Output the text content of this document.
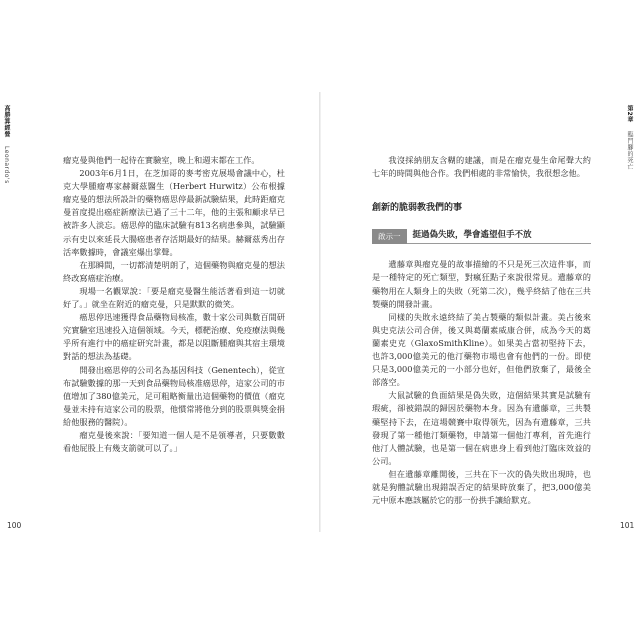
高勝算經營 Leonardo's	瘤克曼與他們一起待在實驗室，晚上和週末都在工作。

2003年6月1日，在芝加哥的麥考密克展場會議中心，杜克大學腫瘤專家赫爾茲醫生（Herbert Hurwitz）公布根據瘤克曼的想法所設計的藥物癌思停最新試驗結果，此時距瘤克曼首度提出癌症新療法已過了三十二年，他的主張和顧求早已被許多人淡忘。癌思停的臨床試驗有813名病患參與，試驗顯示有史以來延長大腸癌患者存活期最好的結果。赫爾茲秀出存活率數據時，會議室爆出掌聲。

在那瞬間，一切都清楚明朗了，這個藥物與瘤克曼的想法終改寫癌症治療。

現場一名觀眾說：「要是瘤克曼醫生能活著看到這一切就好了。」就坐在附近的瘤克曼，只是默默的微笑。

癌思停迅速獲得食品藥物局核准，數十家公司與數百間研究實驗室迅速投入這個領域。今天，標靶治療、免疫療法與幾乎所有進行中的癌症研究計畫，都是以阻斷腫瘤與其宿主環境對話的想法為基礎。

開發出癌思停的公司名為基因科技（Genentech），從宣布試驗數據的那一天到食品藥物局核准癌思停，這家公司的市值增加了380億美元，足可粗略衡量出這個藥物的價值（瘤克曼並未持有這家公司的股票，他慣常將他分到的股票與獎金捐給他服務的醫院）。

瘤克曼後來說：「要知道一個人是不是領導者，只要數數看他屁股上有幾支箭就可以了。」

100
第2章 臨門腳的死亡

我沒採納朋友含糊的建議，而是在瘤克曼生命尾聲大約七年的時間與他合作。我們相處的非常愉快，我很想念他。

創新的脆弱教我們的事
啟示一	挺過偽失敗，學會遙望但手不放

遺藤章與瘤克曼的故事描繪的不只是死三次這件事，而是一種特定的死亡類型，對瘋狂點子來說很常見。遺藤章的藥物用在人類身上的失敗（死第二次），幾乎終結了他在三共製藥的開發計畫。

同樣的失敗永遠終結了美占製藥的類似計畫。美占後來與史克法公司合併，後又與葛蘭素威康合併，成為今天的葛蘭素史克（GlaxoSmithKline）。如果美占當初堅持下去，也許3,000億美元的他汀藥物市場也會有他們的一份。即使只是3,000億美元的一小部分也好，但他們放棄了，最後全部落空。

大鼠試驗的負面結果是偽失敗，這個結果其實是試驗有瑕疵，卻被錯誤的歸因於藥物本身。因為有遺藤章，三共製藥堅持下去，在這場競賽中取得領先，因為有遺藤章，三共發現了第一種他汀類藥物，申請第一個他汀專利，首先進行他汀人體試驗，也是第一個在病患身上看到他汀臨床效益的公司。

但在遺藤章離開後，三共在下一次的偽失敗出現時，也就是狗體試驗出現錯誤否定的結果時放棄了，把3,000億美元中原本應該屬於它的那一份拱手讓給默克。

101
